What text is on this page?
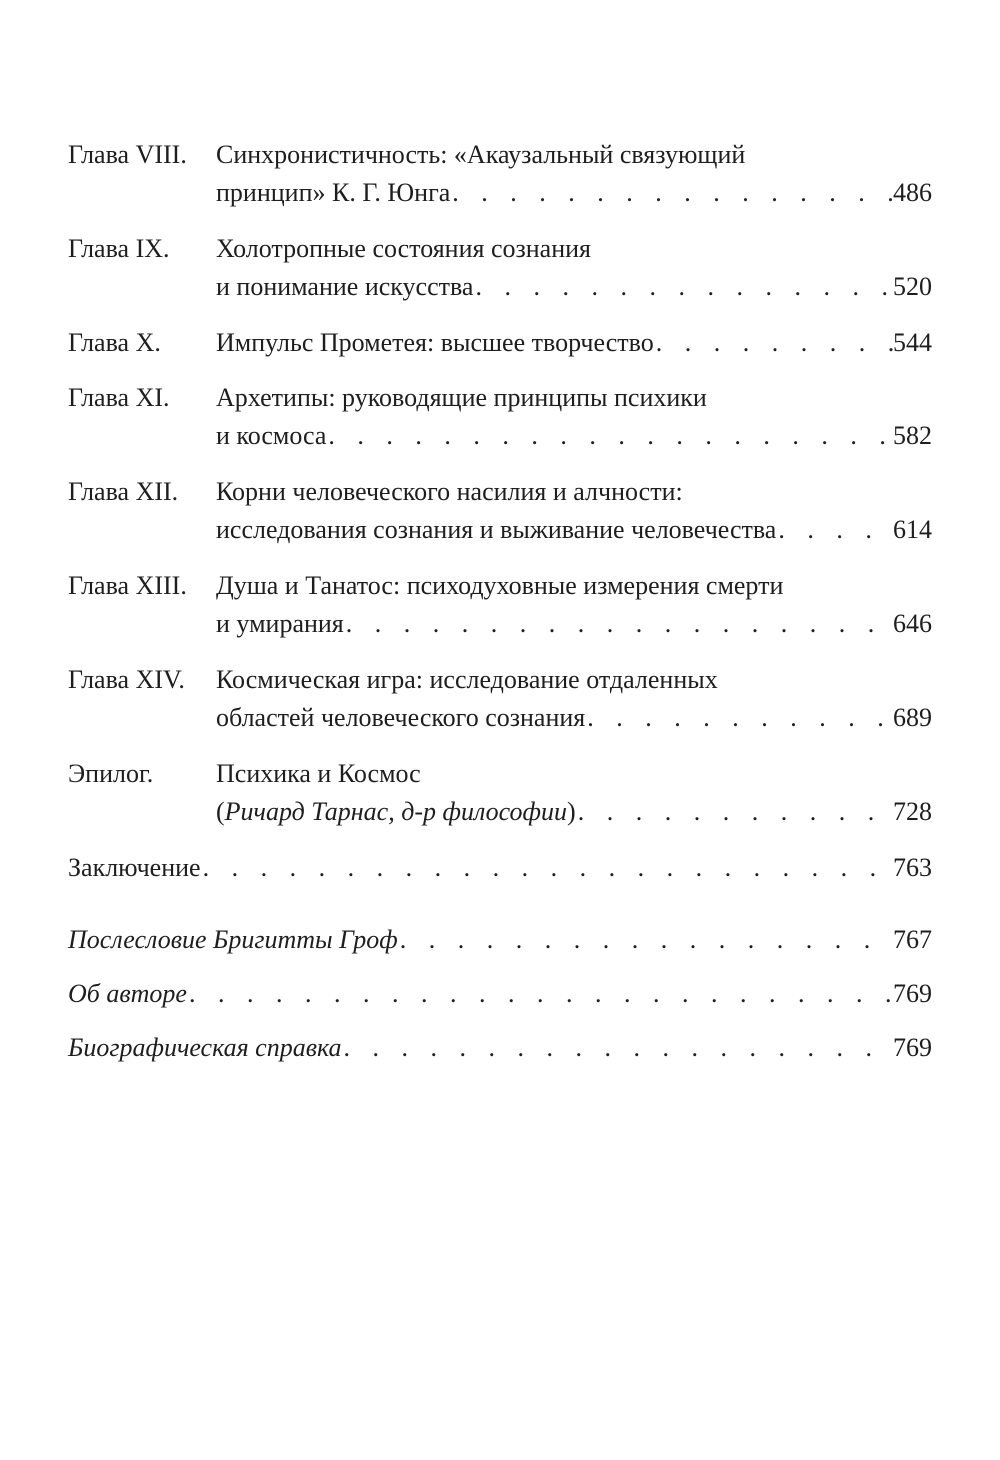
Глава VIII.	Синхронистичность: «Акаузальный связующий
принцип» К. Г. Юнга . . .	486
Глава IX.	Холотропные состояния сознания
и понимание искусства . . .	520
Глава X.	Импульс Прометея: высшее творчество . . .	544
Глава XI.	Архетипы: руководящие принципы психики
и космоса . . .	582
Глава XII.	Корни человеческого насилия и алчности:
исследования сознания и выживание человечества . . .	614
Глава XIII.	Душа и Танатос: психодуховные измерения смерти
и умирания . . .	646
Глава XIV.	Космическая игра: исследование отдаленных
областей человеческого сознания . . .	689
Эпилог.	Психика и Космос
(Ричард Тарнас, д-р философии) . . .	728
Заключение . . .	763
Послесловие Бригитты Гроф . . .	767
Об авторе . . .	769
Биографическая справка . . .	769
